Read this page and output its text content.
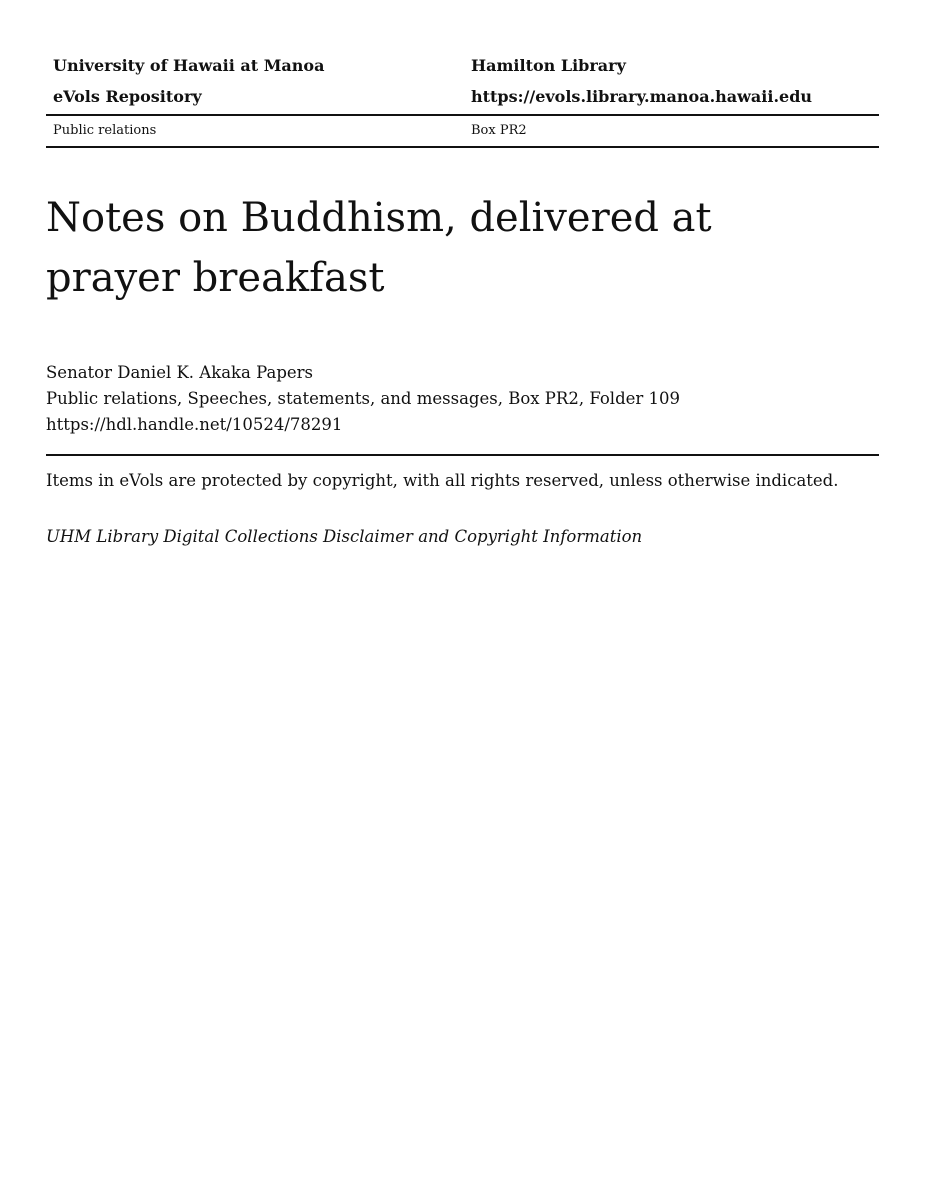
University of Hawaii at Manoa	Hamilton Library
eVols Repository	https://evols.library.manoa.hawaii.edu
Public relations	Box PR2
Notes on Buddhism, delivered at prayer breakfast
Senator Daniel K. Akaka Papers
Public relations, Speeches, statements, and messages, Box PR2, Folder 109
https://hdl.handle.net/10524/78291
Items in eVols are protected by copyright, with all rights reserved, unless otherwise indicated.
UHM Library Digital Collections Disclaimer and Copyright Information
